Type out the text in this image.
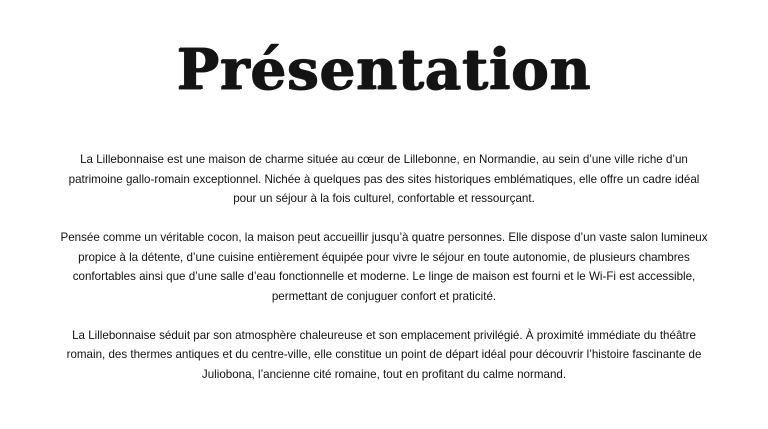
Présentation

La Lillebonnaise est une maison de charme située au cœur de Lillebonne, en Normandie, au sein d’une ville riche d’un patrimoine gallo-romain exceptionnel. Nichée à quelques pas des sites historiques emblématiques, elle offre un cadre idéal pour un séjour à la fois culturel, confortable et ressourçant.

Pensée comme un véritable cocon, la maison peut accueillir jusqu’à quatre personnes. Elle dispose d’un vaste salon lumineux propice à la détente, d’une cuisine entièrement équipée pour vivre le séjour en toute autonomie, de plusieurs chambres confortables ainsi que d’une salle d’eau fonctionnelle et moderne. Le linge de maison est fourni et le Wi-Fi est accessible, permettant de conjuguer confort et praticité.

La Lillebonnaise séduit par son atmosphère chaleureuse et son emplacement privilégié. À proximité immédiate du théâtre romain, des thermes antiques et du centre-ville, elle constitue un point de départ idéal pour découvrir l’histoire fascinante de Juliobona, l’ancienne cité romaine, tout en profitant du calme normand.
